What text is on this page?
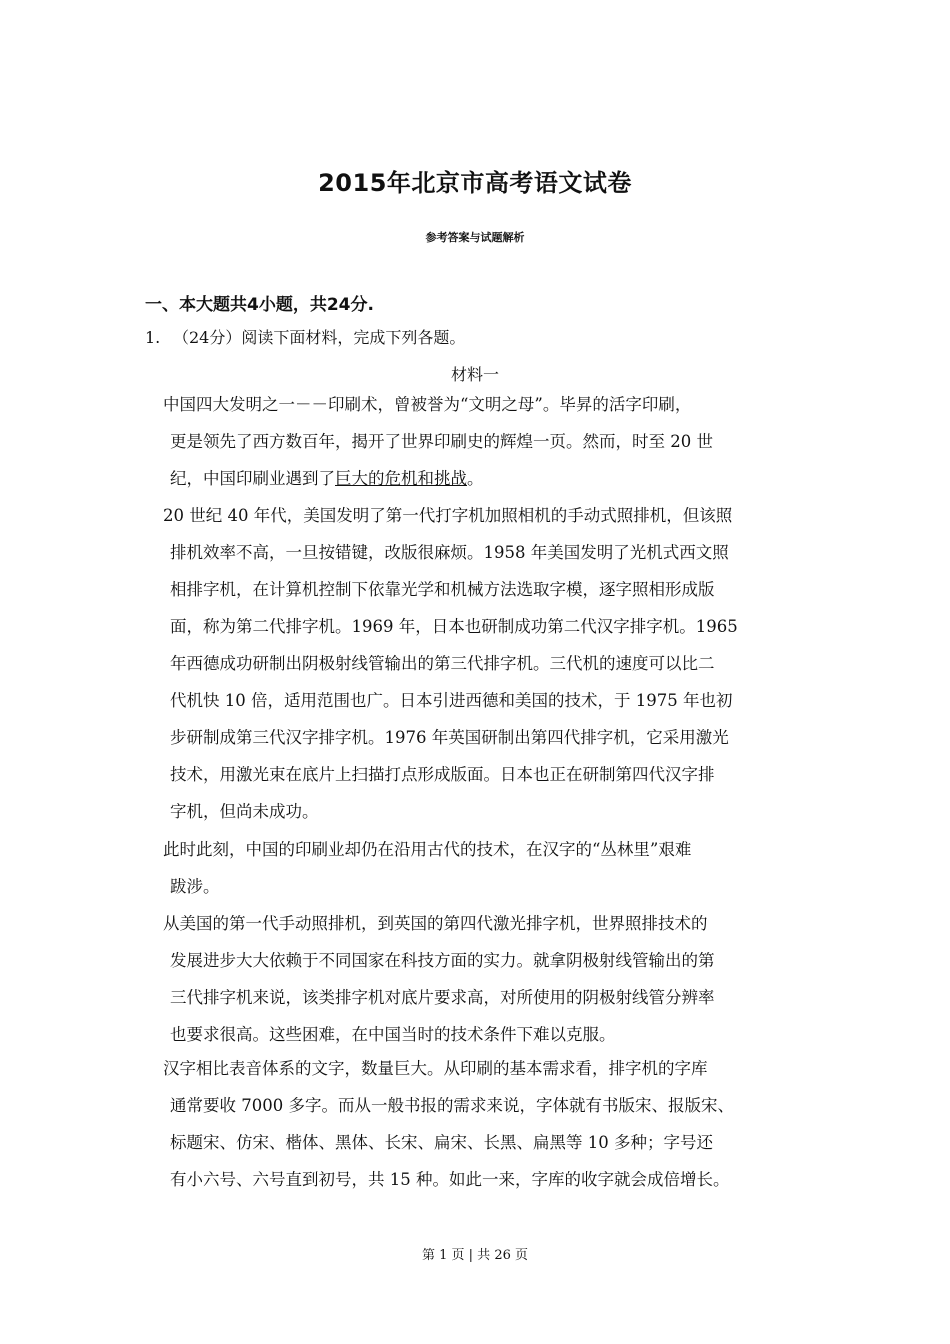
2015年北京市高考语文试卷
参考答案与试题解析
一、本大题共4小题，共24分.
1. （24分）阅读下面材料，完成下列各题。
材料一
中国四大发明之一－－印刷术，曾被誉为“文明之母”。毕昇的活字印刷，
更是领先了西方数百年，揭开了世界印刷史的辉煌一页。然而，时至 20 世
纪，中国印刷业遇到了巨大的危机和挑战。
20 世纪 40 年代，美国发明了第一代打字机加照相机的手动式照排机，但该照
排机效率不高，一旦按错键，改版很麻烦。1958 年美国发明了光机式西文照
相排字机，在计算机控制下依靠光学和机械方法选取字模，逐字照相形成版
面，称为第二代排字机。1969 年，日本也研制成功第二代汉字排字机。1965
年西德成功研制出阴极射线管输出的第三代排字机。三代机的速度可以比二
代机快 10 倍，适用范围也广。日本引进西德和美国的技术，于 1975 年也初
步研制成第三代汉字排字机。1976 年英国研制出第四代排字机，它采用激光
技术，用激光束在底片上扫描打点形成版面。日本也正在研制第四代汉字排
字机，但尚未成功。
此时此刻，中国的印刷业却仍在沿用古代的技术，在汉字的“丛林里”艰难
跋涉。
从美国的第一代手动照排机，到英国的第四代激光排字机，世界照排技术的
发展进步大大依赖于不同国家在科技方面的实力。就拿阴极射线管输出的第
三代排字机来说，该类排字机对底片要求高，对所使用的阴极射线管分辨率
也要求很高。这些困难，在中国当时的技术条件下难以克服。
汉字相比表音体系的文字，数量巨大。从印刷的基本需求看，排字机的字库
通常要收 7000 多字。而从一般书报的需求来说，字体就有书版宋、报版宋、
标题宋、仿宋、楷体、黑体、长宋、扁宋、长黑、扁黑等 10 多种；字号还
有小六号、六号直到初号，共 15 种。如此一来，字库的收字就会成倍增长。
第 1 页 | 共 26 页
